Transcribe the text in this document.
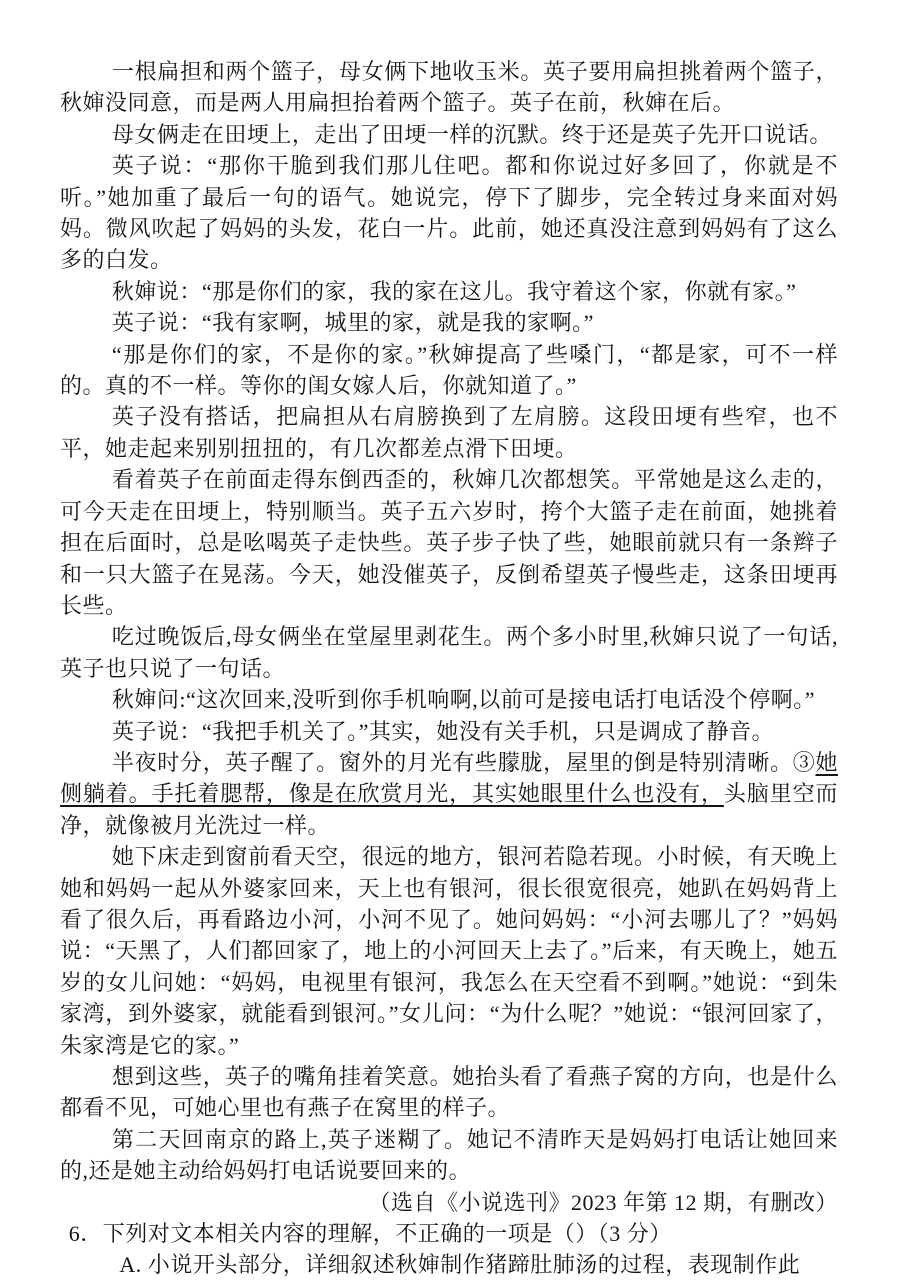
一根扁担和两个篮子，母女俩下地收玉米。英子要用扁担挑着两个篮子，秋婶没同意，而是两人用扁担抬着两个篮子。英子在前，秋婶在后。

母女俩走在田埂上，走出了田埂一样的沉默。终于还是英子先开口说话。

英子说：“那你干脆到我们那儿住吧。都和你说过好多回了，你就是不听。”她加重了最后一句的语气。她说完，停下了脚步，完全转过身来面对妈妈。微风吹起了妈妈的头发，花白一片。此前，她还真没注意到妈妈有了这么多的白发。

秋婶说：“那是你们的家，我的家在这儿。我守着这个家，你就有家。”

英子说：“我有家啊，城里的家，就是我的家啊。”

“那是你们的家，不是你的家。”秋婶提高了些嗓门，“都是家，可不一样的。真的不一样。等你的闺女嫁人后，你就知道了。”

英子没有搭话，把扁担从右肩膀换到了左肩膀。这段田埂有些窄，也不平，她走起来别别扭扭的，有几次都差点滑下田埂。

看着英子在前面走得东倒西歪的，秋婶几次都想笑。平常她是这么走的，可今天走在田埂上，特别顺当。英子五六岁时，挎个大篮子走在前面，她挑着担在后面时，总是吆喝英子走快些。英子步子快了些，她眼前就只有一条辫子和一只大篮子在晃荡。今天，她没催英子，反倒希望英子慢些走，这条田埂再长些。

吃过晚饭后,母女俩坐在堂屋里剥花生。两个多小时里,秋婶只说了一句话,英子也只说了一句话。

秋婶问:“这次回来,没听到你手机响啊,以前可是接电话打电话没个停啊。”

英子说：“我把手机关了。”其实，她没有关手机，只是调成了静音。

半夜时分，英子醒了。窗外的月光有些朦胧，屋里的倒是特别清晰。③她侧躺着。手托着腮帮，像是在欣赏月光，其实她眼里什么也没有，头脑里空而净，就像被月光洗过一样。

她下床走到窗前看天空，很远的地方，银河若隐若现。小时候，有天晚上她和妈妈一起从外婆家回来，天上也有银河，很长很宽很亮，她趴在妈妈背上看了很久后，再看路边小河，小河不见了。她问妈妈：“小河去哪儿了？”妈妈说：“天黑了，人们都回家了，地上的小河回天上去了。”后来，有天晚上，她五岁的女儿问她：“妈妈，电视里有银河，我怎么在天空看不到啊。”她说：“到朱家湾，到外婆家，就能看到银河。”女儿问：“为什么呢？”她说：“银河回家了，朱家湾是它的家。”

想到这些，英子的嘴角挂着笑意。她抬头看了看燕子窝的方向，也是什么都看不见，可她心里也有燕子在窝里的样子。

第二天回南京的路上,英子迷糊了。她记不清昨天是妈妈打电话让她回来的,还是她主动给妈妈打电话说要回来的。

（选自《小说选刊》2023 年第 12 期，有删改）

6．下列对文本相关内容的理解，不正确的一项是（）（3 分）

A. 小说开头部分，详细叙述秋婶制作猪蹄肚肺汤的过程，表现制作此
